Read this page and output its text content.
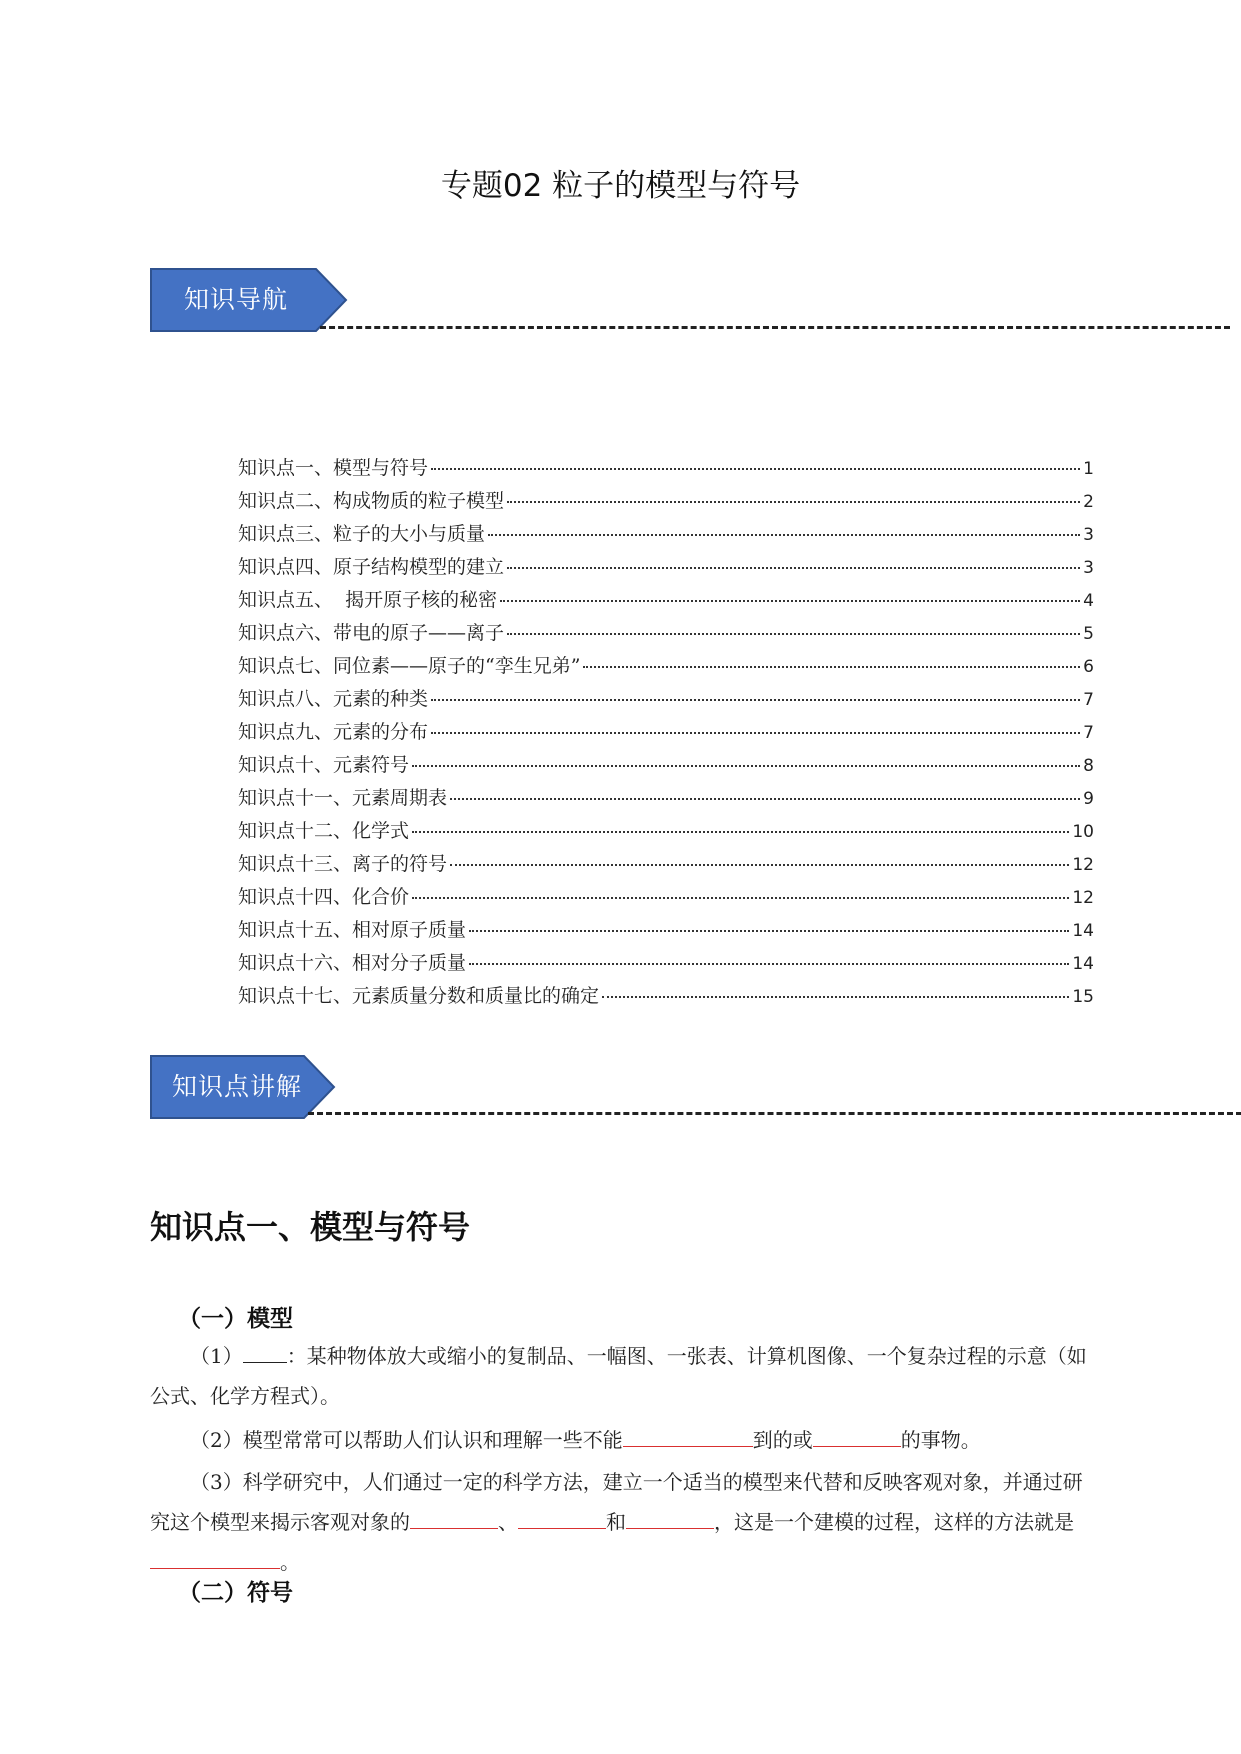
专题02 粒子的模型与符号
知识导航
知识点一、模型与符号	1
知识点二、构成物质的粒子模型	2
知识点三、粒子的大小与质量	3
知识点四、原子结构模型的建立	3
知识点五、  揭开原子核的秘密	4
知识点六、带电的原子——离子	5
知识点七、同位素——原子的“孪生兄弟”	6
知识点八、元素的种类	7
知识点九、元素的分布	7
知识点十、元素符号	8
知识点十一、元素周期表	9
知识点十二、化学式	10
知识点十三、离子的符号	12
知识点十四、化合价	12
知识点十五、相对原子质量	14
知识点十六、相对分子质量	14
知识点十七、元素质量分数和质量比的确定	15
知识点讲解
知识点一、模型与符号
（一）模型
（1） ：某种物体放大或缩小的复制品、一幅图、一张表、计算机图像、一个复杂过程的示意（如公式、化学方程式）。
（2）模型常常可以帮助人们认识和理解一些不能	到的或	的事物。
（3）科学研究中，人们通过一定的科学方法，建立一个适当的模型来代替和反映客观对象，并通过研究这个模型来揭示客观对象的	、	和	，这是一个建模的过程，这样的方法就是。
（二）符号
